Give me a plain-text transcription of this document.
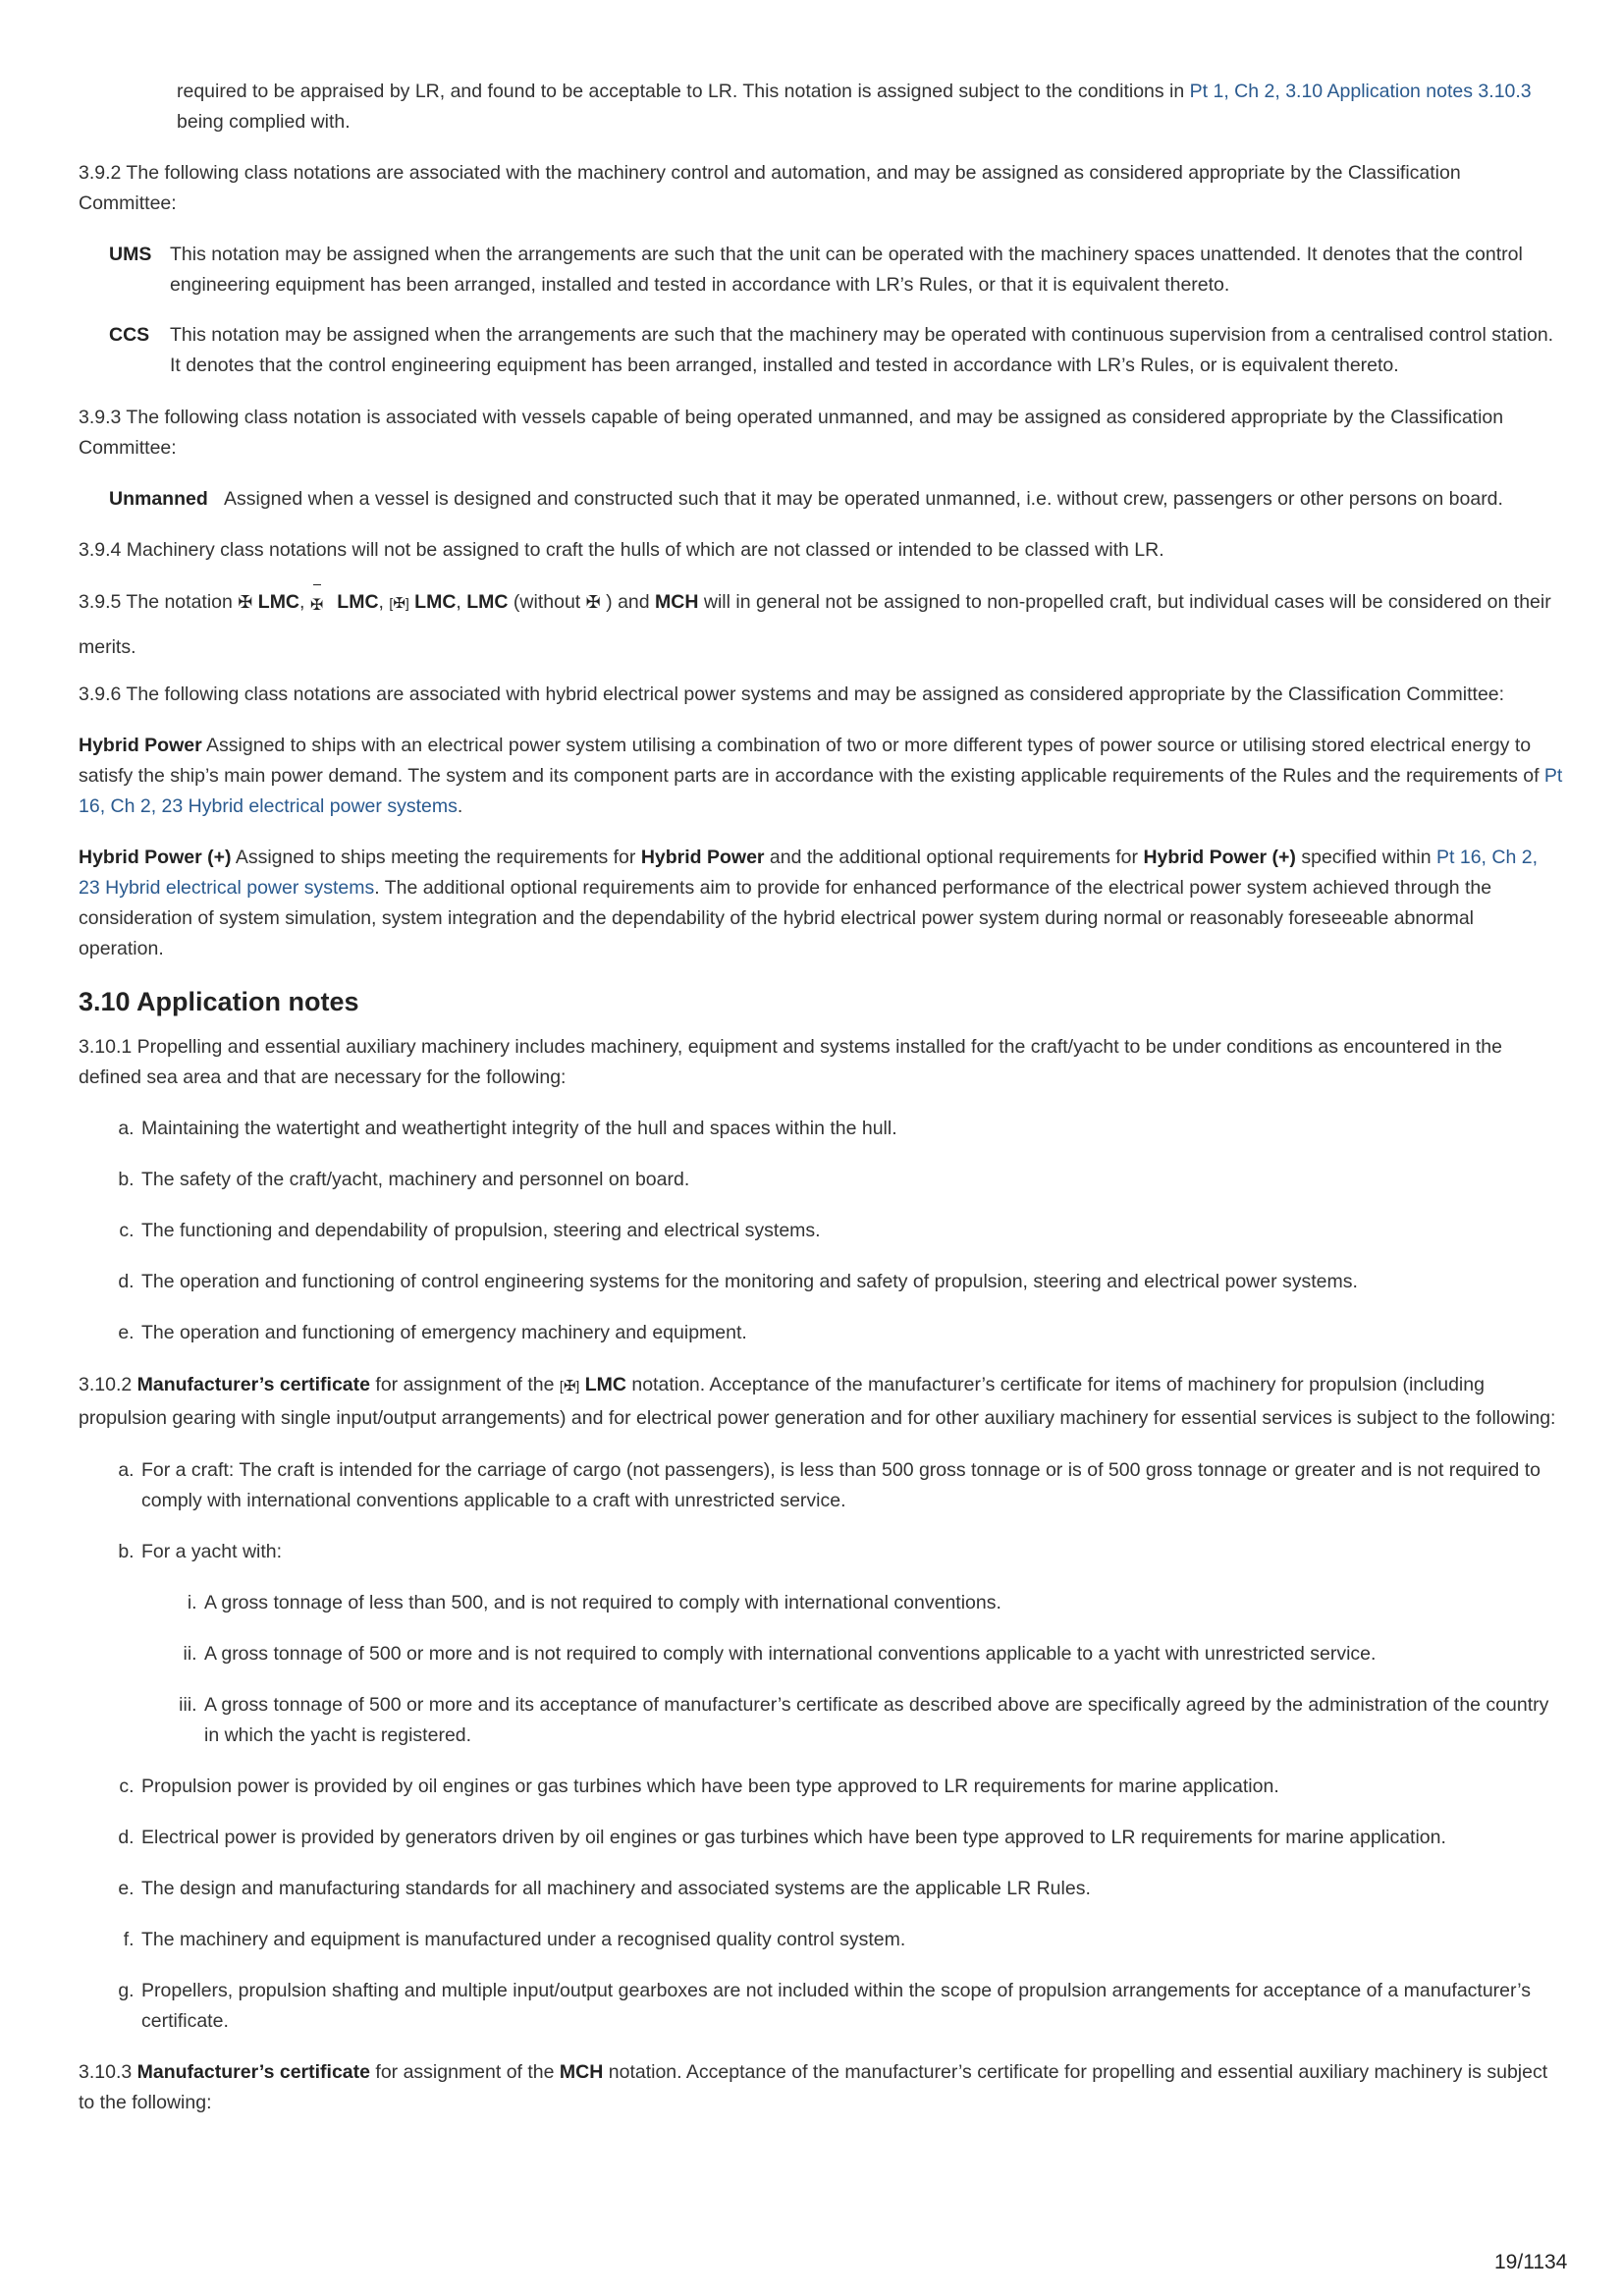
required to be appraised by LR, and found to be acceptable to LR. This notation is assigned subject to the conditions in Pt 1, Ch 2, 3.10 Application notes 3.10.3 being complied with.

3.9.2 The following class notations are associated with the machinery control and automation, and may be assigned as considered appropriate by the Classification Committee:

UMS This notation may be assigned when the arrangements are such that the unit can be operated with the machinery spaces unattended. It denotes that the control engineering equipment has been arranged, installed and tested in accordance with LR’s Rules, or that it is equivalent thereto.
CCS	This notation may be assigned when the arrangements are such that the machinery may be operated with continuous supervision from a centralised control station. It denotes that the control engineering equipment has been arranged, installed and tested in accordance with LR’s Rules, or is equivalent thereto.

3.9.3 The following class notation is associated with vessels capable of being operated unmanned, and may be assigned as considered appropriate by the Classification Committee:

Unmanned Assigned when a vessel is designed and constructed such that it may be operated unmanned, i.e. without crew, passengers or other persons on board.

3.9.4 Machinery class notations will not be assigned to craft the hulls of which are not classed or intended to be classed with LR.

3.9.5 The notation ✠ LMC, ✠ LMC, [✠] LMC, LMC (without ✠ ) and MCH will in general not be assigned to non-propelled craft, but individual cases will be considered on their merits.

3.9.6 The following class notations are associated with hybrid electrical power systems and may be assigned as considered appropriate by the Classification Committee:

Hybrid Power Assigned to ships with an electrical power system utilising a combination of two or more different types of power source or utilising stored electrical energy to satisfy the ship’s main power demand. The system and its component parts are in accordance with the existing applicable requirements of the Rules and the requirements of Pt 16, Ch 2, 23 Hybrid electrical power systems.

Hybrid Power (+) Assigned to ships meeting the requirements for Hybrid Power and the additional optional requirements for Hybrid Power (+) specified within Pt 16, Ch 2, 23 Hybrid electrical power systems. The additional optional requirements aim to provide for enhanced performance of the electrical power system achieved through the consideration of system simulation, system integration and the dependability of the hybrid electrical power system during normal or reasonably foreseeable abnormal operation.

3.10 Application notes

3.10.1 Propelling and essential auxiliary machinery includes machinery, equipment and systems installed for the craft/yacht to be under conditions as encountered in the defined sea area and that are necessary for the following:

a. Maintaining the watertight and weathertight integrity of the hull and spaces within the hull.
b. The safety of the craft/yacht, machinery and personnel on board.
c. The functioning and dependability of propulsion, steering and electrical systems.
d. The operation and functioning of control engineering systems for the monitoring and safety of propulsion, steering and electrical power systems.
e. The operation and functioning of emergency machinery and equipment.

3.10.2 Manufacturer’s certificate for assignment of the [✠] LMC notation. Acceptance of the manufacturer’s certificate for items of machinery for propulsion (including propulsion gearing with single input/output arrangements) and for electrical power generation and for other auxiliary machinery for essential services is subject to the following:

a. For a craft: The craft is intended for the carriage of cargo (not passengers), is less than 500 gross tonnage or is of 500 gross tonnage or greater and is not required to comply with international conventions applicable to a craft with unrestricted service.
b. For a yacht with:
i. A gross tonnage of less than 500, and is not required to comply with international conventions.
ii. A gross tonnage of 500 or more and is not required to comply with international conventions applicable to a yacht with unrestricted service.
iii. A gross tonnage of 500 or more and its acceptance of manufacturer’s certificate as described above are specifically agreed by the administration of the country in which the yacht is registered.
c. Propulsion power is provided by oil engines or gas turbines which have been type approved to LR requirements for marine application.
d. Electrical power is provided by generators driven by oil engines or gas turbines which have been type approved to LR requirements for marine application.
e. The design and manufacturing standards for all machinery and associated systems are the applicable LR Rules.
f. The machinery and equipment is manufactured under a recognised quality control system.
g. Propellers, propulsion shafting and multiple input/output gearboxes are not included within the scope of propulsion arrangements for acceptance of a manufacturer’s certificate.

3.10.3 Manufacturer’s certificate for assignment of the MCH notation. Acceptance of the manufacturer’s certificate for propelling and essential auxiliary machinery is subject to the following:

19/1134
